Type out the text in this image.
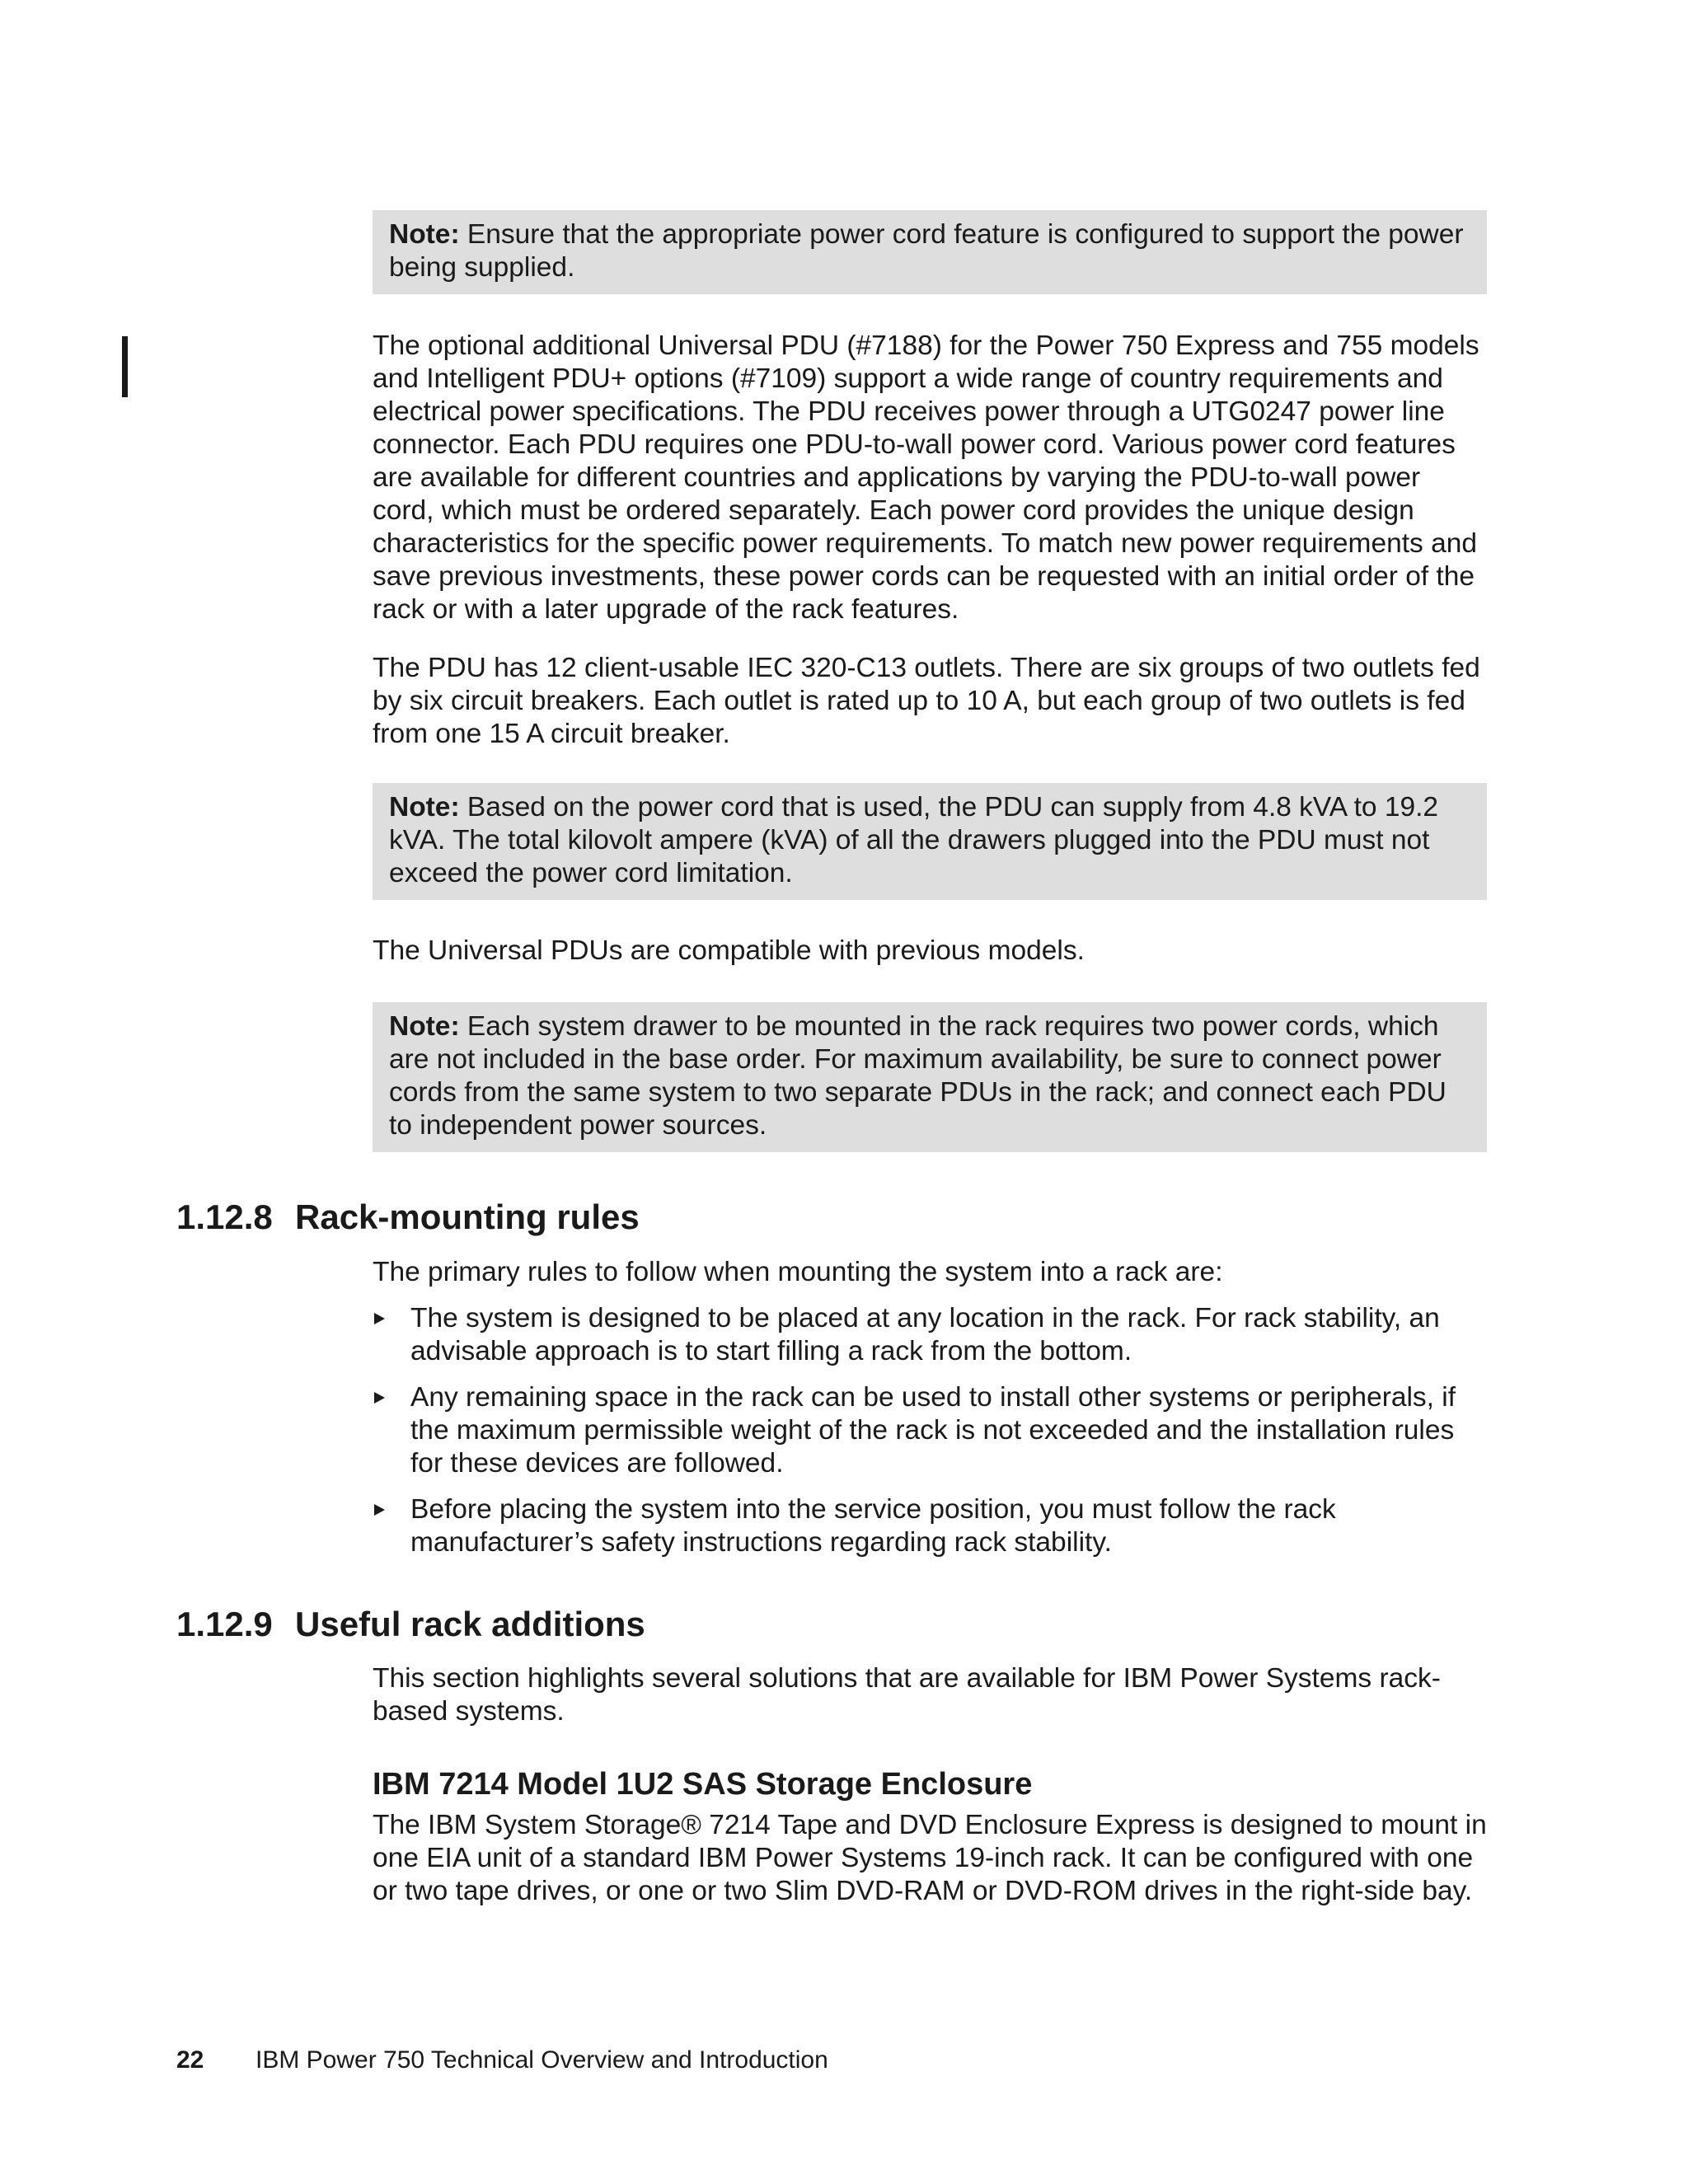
Note: Ensure that the appropriate power cord feature is configured to support the power being supplied.

The optional additional Universal PDU (#7188) for the Power 750 Express and 755 models and Intelligent PDU+ options (#7109) support a wide range of country requirements and electrical power specifications. The PDU receives power through a UTG0247 power line connector. Each PDU requires one PDU-to-wall power cord. Various power cord features are available for different countries and applications by varying the PDU-to-wall power cord, which must be ordered separately. Each power cord provides the unique design characteristics for the specific power requirements. To match new power requirements and save previous investments, these power cords can be requested with an initial order of the rack or with a later upgrade of the rack features.

The PDU has 12 client-usable IEC 320-C13 outlets. There are six groups of two outlets fed by six circuit breakers. Each outlet is rated up to 10 A, but each group of two outlets is fed from one 15 A circuit breaker.

Note: Based on the power cord that is used, the PDU can supply from 4.8 kVA to 19.2 kVA. The total kilovolt ampere (kVA) of all the drawers plugged into the PDU must not exceed the power cord limitation.

The Universal PDUs are compatible with previous models.

Note: Each system drawer to be mounted in the rack requires two power cords, which are not included in the base order. For maximum availability, be sure to connect power cords from the same system to two separate PDUs in the rack; and connect each PDU to independent power sources.
1.12.8 Rack-mounting rules

The primary rules to follow when mounting the system into a rack are:

The system is designed to be placed at any location in the rack. For rack stability, an advisable approach is to start filling a rack from the bottom.
Any remaining space in the rack can be used to install other systems or peripherals, if the maximum permissible weight of the rack is not exceeded and the installation rules for these devices are followed.
Before placing the system into the service position, you must follow the rack manufacturer’s safety instructions regarding rack stability.
1.12.9 Useful rack additions

This section highlights several solutions that are available for IBM Power Systems rack-based systems.

IBM 7214 Model 1U2 SAS Storage Enclosure

The IBM System Storage® 7214 Tape and DVD Enclosure Express is designed to mount in one EIA unit of a standard IBM Power Systems 19-inch rack. It can be configured with one or two tape drives, or one or two Slim DVD-RAM or DVD-ROM drives in the right-side bay.

22 IBM Power 750 Technical Overview and Introduction
